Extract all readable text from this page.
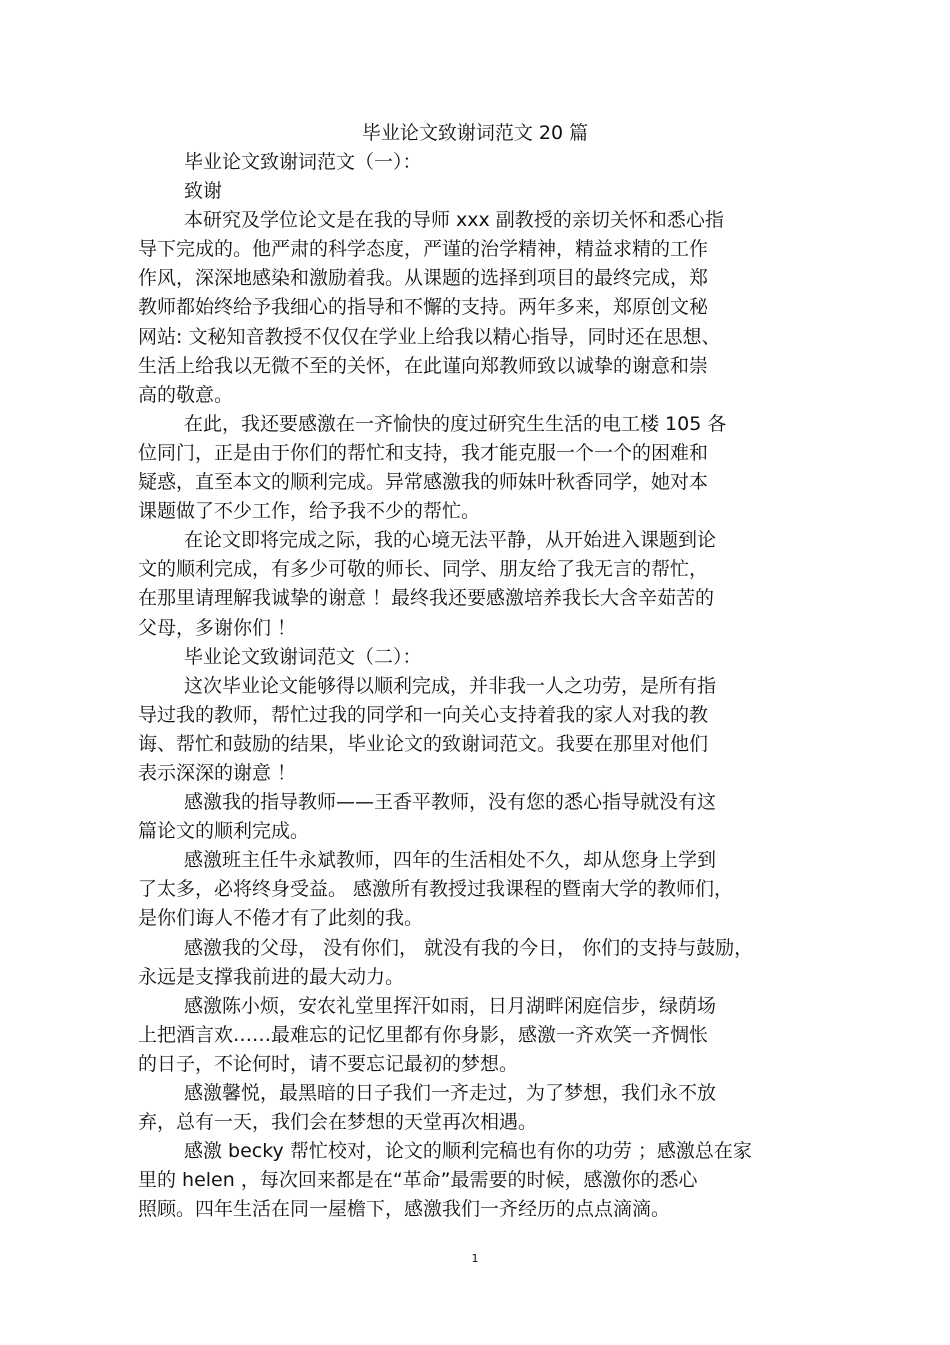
毕业论文致谢词范文 20 篇
毕业论文致谢词范文（一）：
致谢
本研究及学位论文是在我的导师 xxx 副教授的亲切关怀和悉心指
导下完成的。他严肃的科学态度，严谨的治学精神，精益求精的工作
作风，深深地感染和激励着我。从课题的选择到项目的最终完成，郑
教师都始终给予我细心的指导和不懈的支持。两年多来，郑原创文秘
网站: 文秘知音教授不仅仅在学业上给我以精心指导，同时还在思想、
生活上给我以无微不至的关怀，在此谨向郑教师致以诚挚的谢意和崇
高的敬意。
在此，我还要感激在一齐愉快的度过研究生生活的电工楼 105 各
位同门，正是由于你们的帮忙和支持，我才能克服一个一个的困难和
疑惑，直至本文的顺利完成。异常感激我的师妹叶秋香同学，她对本
课题做了不少工作，给予我不少的帮忙。
在论文即将完成之际，我的心境无法平静，从开始进入课题到论
文的顺利完成，有多少可敬的师长、同学、朋友给了我无言的帮忙，
在那里请理解我诚挚的谢意 ！最终我还要感激培养我长大含辛茹苦的
父母，多谢你们 ！
毕业论文致谢词范文（二）：
这次毕业论文能够得以顺利完成，并非我一人之功劳，是所有指
导过我的教师，帮忙过我的同学和一向关心支持着我的家人对我的教
诲、帮忙和鼓励的结果，毕业论文的致谢词范文。我要在那里对他们
表示深深的谢意 ！
感激我的指导教师——王香平教师，没有您的悉心指导就没有这
篇论文的顺利完成。
感激班主任牛永斌教师，四年的生活相处不久，却从您身上学到
了太多，必将终身受益。 感激所有教授过我课程的暨南大学的教师们，
是你们诲人不倦才有了此刻的我。
感激我的父母， 没有你们， 就没有我的今日， 你们的支持与鼓励，
永远是支撑我前进的最大动力。
感激陈小烦，安农礼堂里挥汗如雨，日月湖畔闲庭信步，绿荫场
上把酒言欢……最难忘的记忆里都有你身影，感激一齐欢笑一齐惆怅
的日子，不论何时，请不要忘记最初的梦想。
感激馨悦，最黑暗的日子我们一齐走过，为了梦想，我们永不放
弃，总有一天，我们会在梦想的天堂再次相遇。
感激 becky 帮忙校对，论文的顺利完稿也有你的功劳 ；感激总在家
里的 helen ，每次回来都是在“革命”最需要的时候，感激你的悉心
照顾。四年生活在同一屋檐下，感激我们一齐经历的点点滴滴。
1
